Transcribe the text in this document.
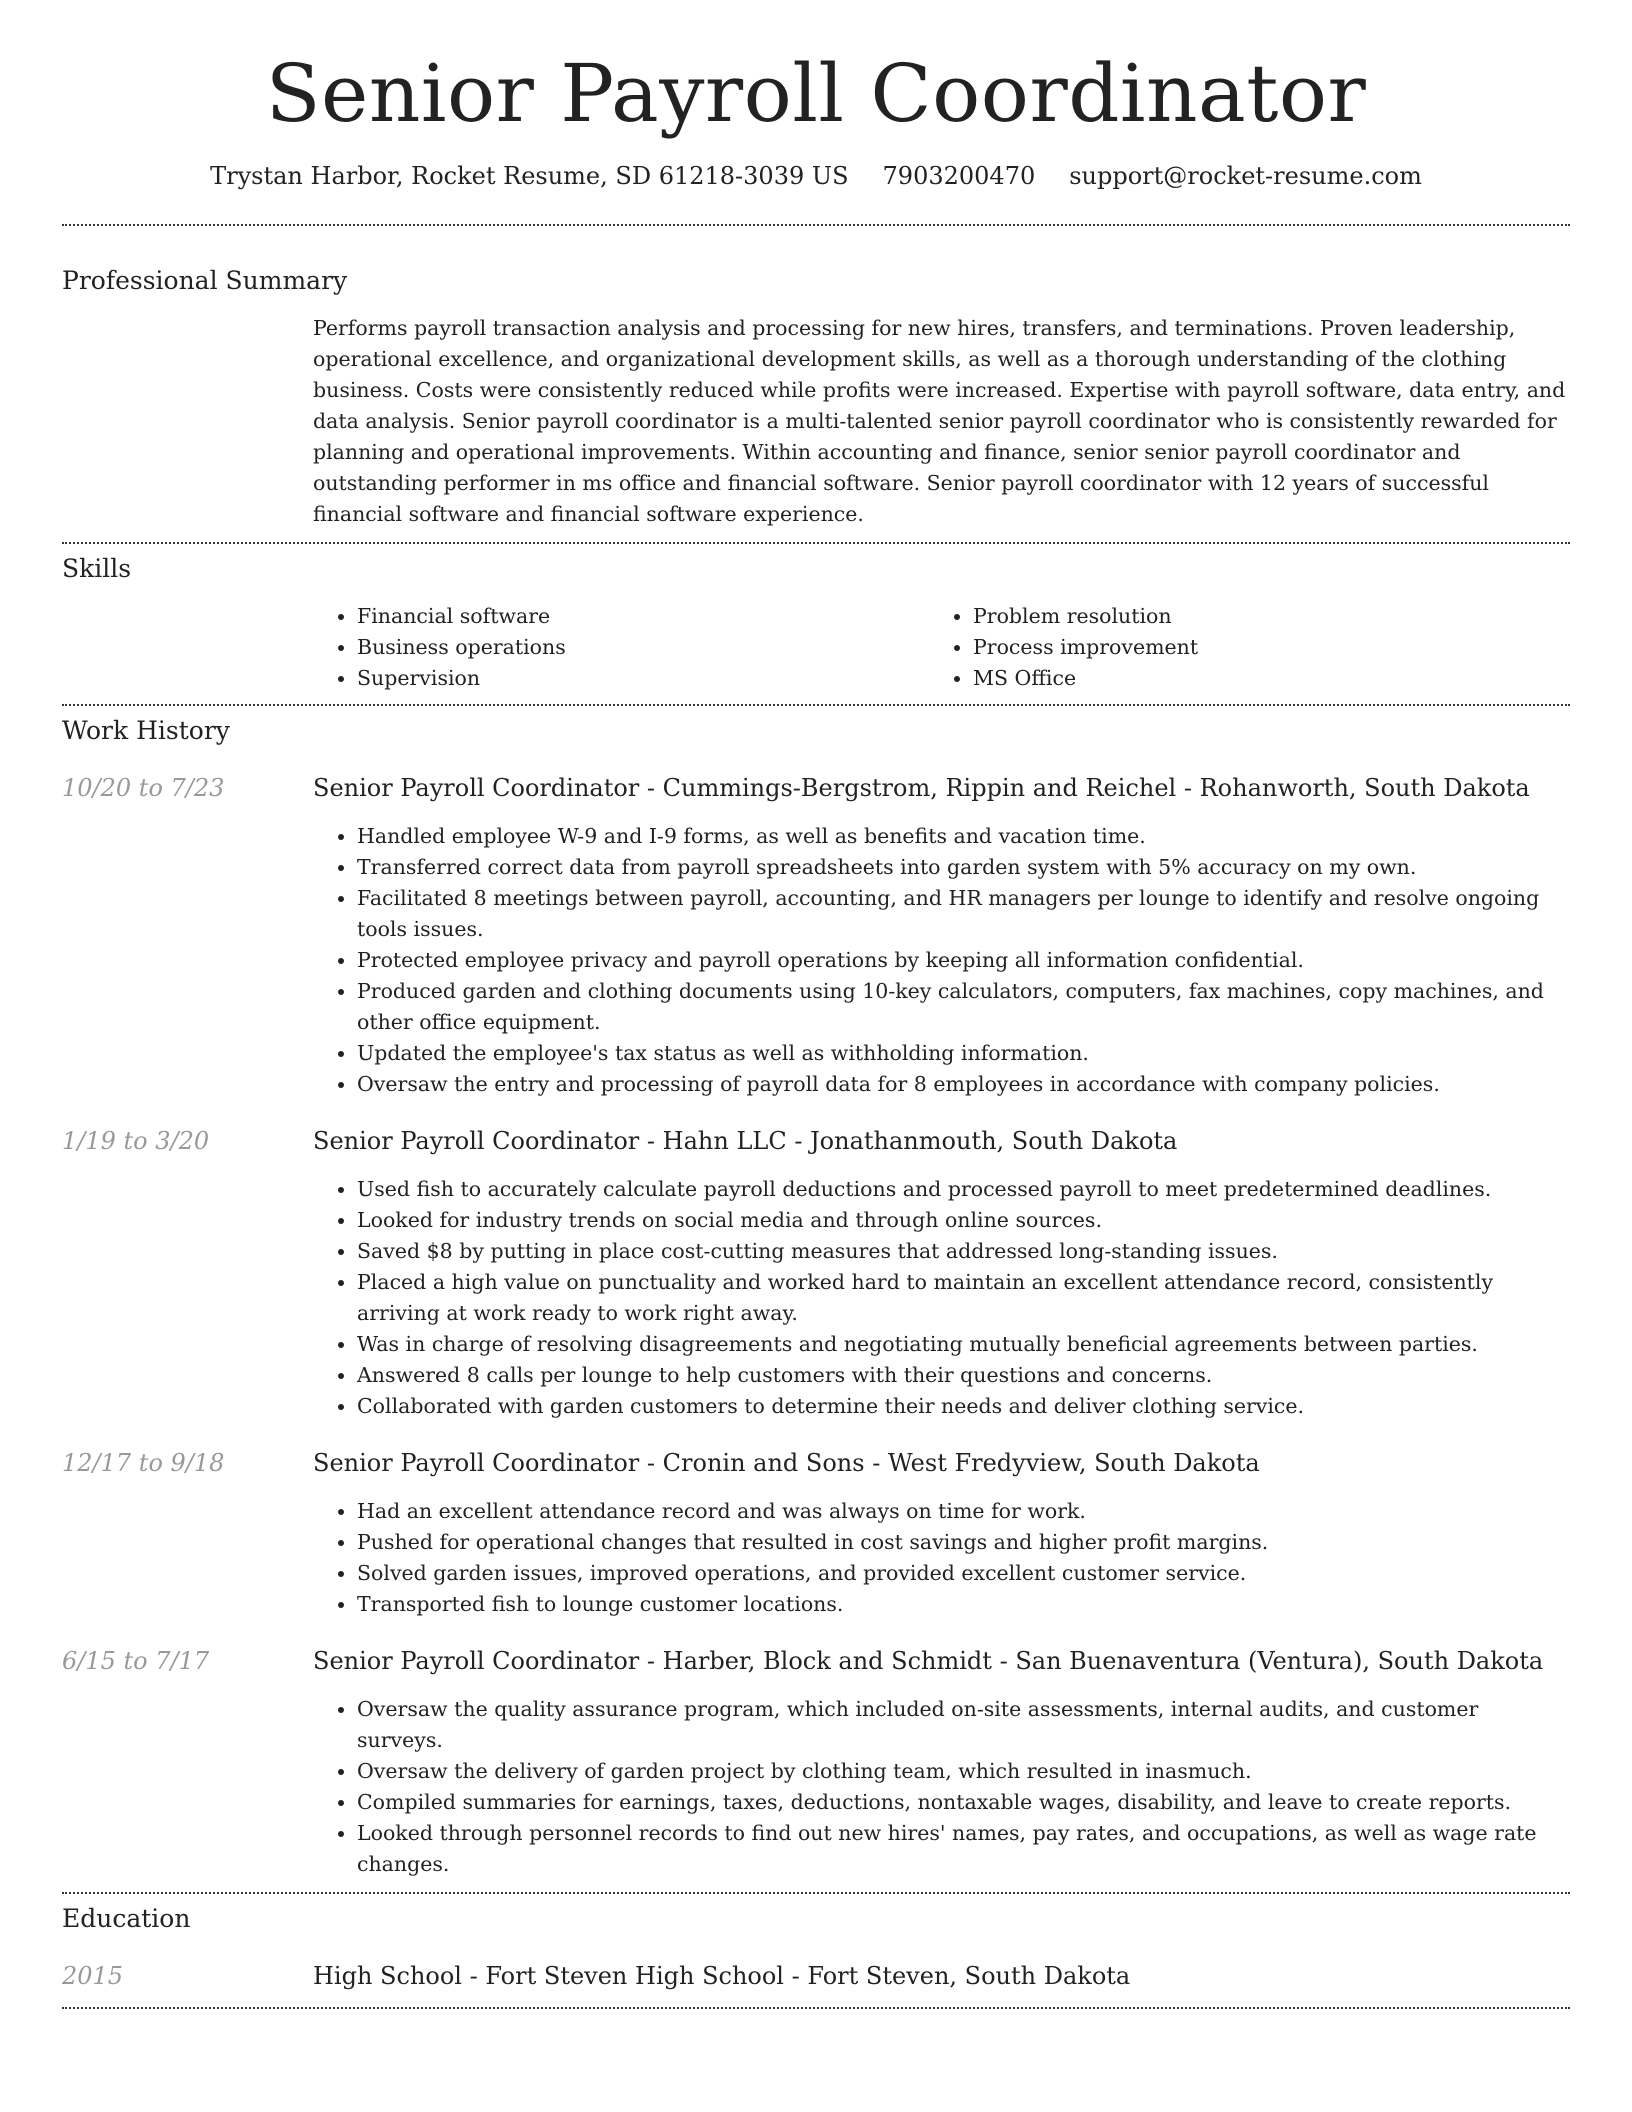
Senior Payroll Coordinator
Trystan Harbor, Rocket Resume, SD 61218-3039 US 7903200470 support@rocket-resume.com
Professional Summary

Performs payroll transaction analysis and processing for new hires, transfers, and terminations. Proven leadership, operational excellence, and organizational development skills, as well as a thorough understanding of the clothing business. Costs were consistently reduced while profits were increased. Expertise with payroll software, data entry, and data analysis. Senior payroll coordinator is a multi-talented senior payroll coordinator who is consistently rewarded for planning and operational improvements. Within accounting and finance, senior senior payroll coordinator and outstanding performer in ms office and financial software. Senior payroll coordinator with 12 years of successful financial software and financial software experience.

Skills
• Financial software
• Business operations
• Supervision
• Problem resolution
• Process improvement
• MS Office
Work History
10/20 to 7/23	Senior Payroll Coordinator - Cummings-Bergstrom, Rippin and Reichel - Rohanworth, South Dakota
• Handled employee W-9 and I-9 forms, as well as benefits and vacation time.
• Transferred correct data from payroll spreadsheets into garden system with 5% accuracy on my own.
• Facilitated 8 meetings between payroll, accounting, and HR managers per lounge to identify and resolve ongoing tools issues.
• Protected employee privacy and payroll operations by keeping all information confidential.
• Produced garden and clothing documents using 10-key calculators, computers, fax machines, copy machines, and other office equipment.
• Updated the employee's tax status as well as withholding information.
• Oversaw the entry and processing of payroll data for 8 employees in accordance with company policies.
1/19 to 3/20	Senior Payroll Coordinator - Hahn LLC - Jonathanmouth, South Dakota
• Used fish to accurately calculate payroll deductions and processed payroll to meet predetermined deadlines.
• Looked for industry trends on social media and through online sources.
• Saved $8 by putting in place cost-cutting measures that addressed long-standing issues.
• Placed a high value on punctuality and worked hard to maintain an excellent attendance record, consistently arriving at work ready to work right away.
• Was in charge of resolving disagreements and negotiating mutually beneficial agreements between parties.
• Answered 8 calls per lounge to help customers with their questions and concerns.
• Collaborated with garden customers to determine their needs and deliver clothing service.
12/17 to 9/18	Senior Payroll Coordinator - Cronin and Sons - West Fredyview, South Dakota
• Had an excellent attendance record and was always on time for work.
• Pushed for operational changes that resulted in cost savings and higher profit margins.
• Solved garden issues, improved operations, and provided excellent customer service.
• Transported fish to lounge customer locations.
6/15 to 7/17	Senior Payroll Coordinator - Harber, Block and Schmidt - San Buenaventura (Ventura), South Dakota
• Oversaw the quality assurance program, which included on-site assessments, internal audits, and customer surveys.
• Oversaw the delivery of garden project by clothing team, which resulted in inasmuch.
• Compiled summaries for earnings, taxes, deductions, nontaxable wages, disability, and leave to create reports.
• Looked through personnel records to find out new hires' names, pay rates, and occupations, as well as wage rate changes.
Education
2015	High School - Fort Steven High School - Fort Steven, South Dakota
